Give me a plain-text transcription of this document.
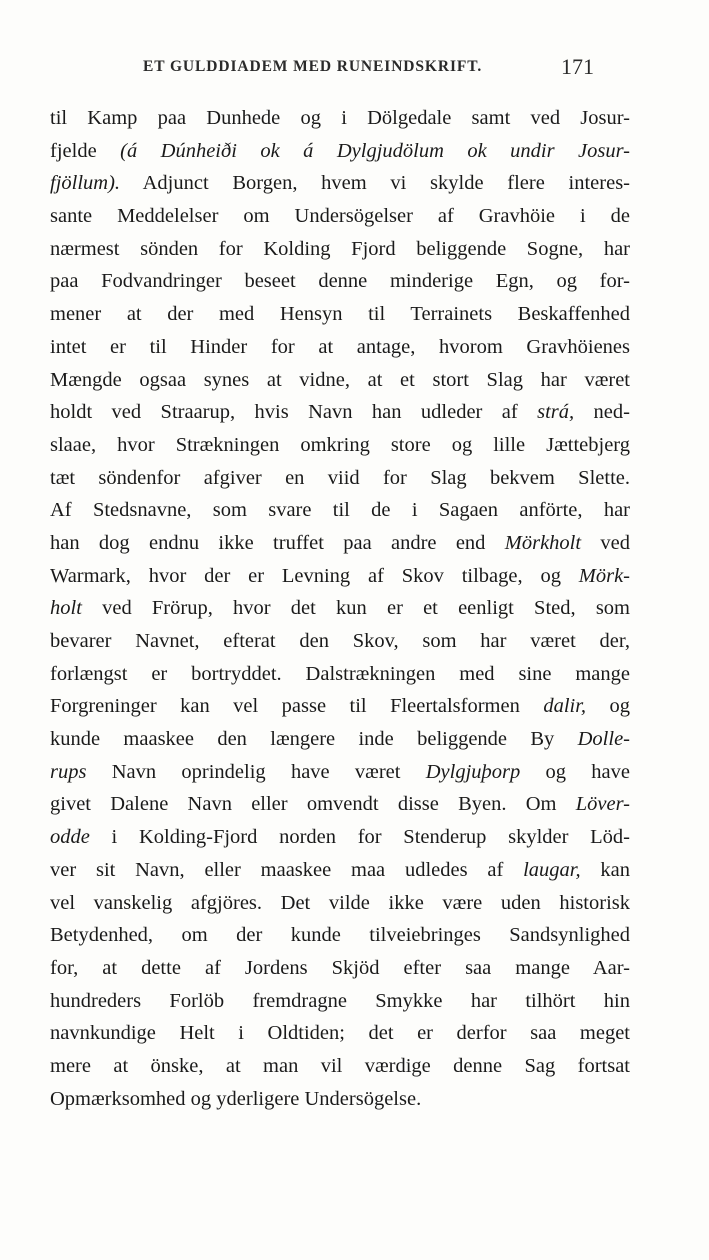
ET GULDDIADEM MED RUNEINDSKRIFT.	171
til Kamp paa Dunhede og i Dölgedale samt ved Josur-
fjelde (á Dúnheiði ok á Dylgjudölum ok undir Josur-
fjöllum). Adjunct Borgen, hvem vi skylde flere interes-
sante Meddelelser om Undersögelser af Gravhöie i de
nærmest sönden for Kolding Fjord beliggende Sogne, har
paa Fodvandringer beseet denne minderige Egn, og for-
mener at der med Hensyn til Terrainets Beskaffenhed
intet er til Hinder for at antage, hvorom Gravhöienes
Mængde ogsaa synes at vidne, at et stort Slag har været
holdt ved Straarup, hvis Navn han udleder af strá, ned-
slaae, hvor Strækningen omkring store og lille Jættebjerg
tæt söndenfor afgiver en viid for Slag bekvem Slette.
Af Stedsnavne, som svare til de i Sagaen anförte, har
han dog endnu ikke truffet paa andre end Mörkholt ved
Warmark, hvor der er Levning af Skov tilbage, og Mörk-
holt ved Frörup, hvor det kun er et eenligt Sted, som
bevarer Navnet, efterat den Skov, som har været der,
forlængst er bortryddet. Dalstrækningen med sine mange
Forgreninger kan vel passe til Fleertalsformen dalir, og
kunde maaskee den længere inde beliggende By Dolle-
rups Navn oprindelig have været Dylgjuþorp og have
givet Dalene Navn eller omvendt disse Byen. Om Löver-
odde i Kolding-Fjord norden for Stenderup skylder Löd-
ver sit Navn, eller maaskee maa udledes af laugar, kan
vel vanskelig afgjöres. Det vilde ikke være uden historisk
Betydenhed, om der kunde tilveiebringes Sandsynlighed
for, at dette af Jordens Skjöd efter saa mange Aar-
hundreders Forlöb fremdragne Smykke har tilhört hin
navnkundige Helt i Oldtiden; det er derfor saa meget
mere at önske, at man vil værdige denne Sag fortsat
Opmærksomhed og yderligere Undersögelse.
